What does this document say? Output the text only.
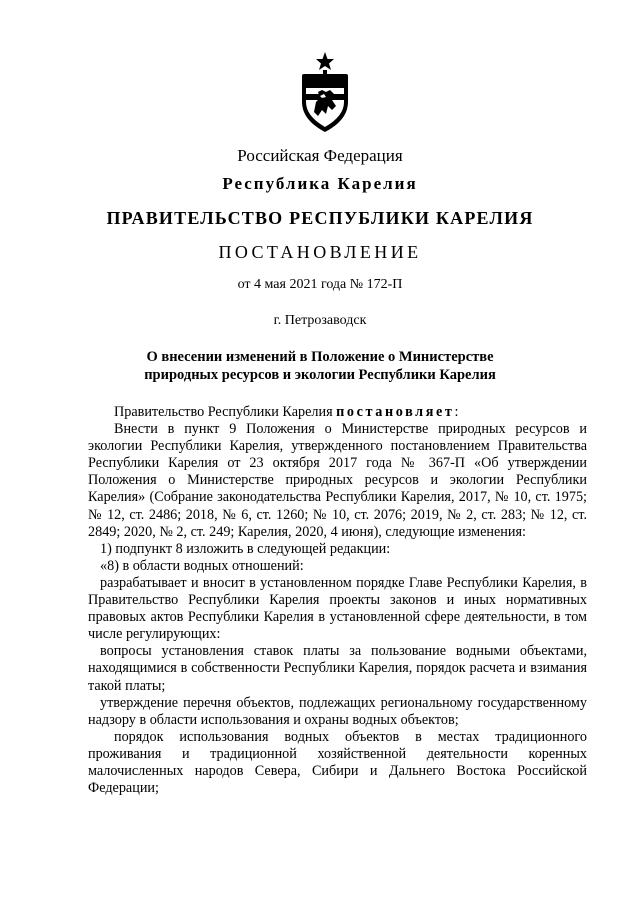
Российская Федерация
Республика Карелия
ПРАВИТЕЛЬСТВО РЕСПУБЛИКИ КАРЕЛИЯ
ПОСТАНОВЛЕНИЕ
от 4 мая 2021 года № 172-П
г. Петрозаводск
О внесении изменений в Положение о Министерстве
природных ресурсов и экологии Республики Карелия

Правительство Республики Карелия постановляет:

Внести в пункт 9 Положения о Министерстве природных ресурсов и экологии Республики Карелия, утвержденного постановлением Правительства Республики Карелия от 23 октября 2017 года № 367-П «Об утверждении Положения о Министерстве природных ресурсов и экологии Республики Карелия» (Собрание законодательства Республики Карелия, 2017, № 10, ст. 1975; № 12, ст. 2486; 2018, № 6, ст. 1260; № 10, ст. 2076; 2019, № 2, ст. 283; № 12, ст. 2849; 2020, № 2, ст. 249; Карелия, 2020, 4 июня), следующие изменения:

1) подпункт 8 изложить в следующей редакции:

«8) в области водных отношений:

разрабатывает и вносит в установленном порядке Главе Республики Карелия, в Правительство Республики Карелия проекты законов и иных нормативных правовых актов Республики Карелия в установленной сфере деятельности, в том числе регулирующих:

вопросы установления ставок платы за пользование водными объектами, находящимися в собственности Республики Карелия, порядок расчета и взимания такой платы;

утверждение перечня объектов, подлежащих региональному государственному надзору в области использования и охраны водных объектов;

порядок использования водных объектов в местах традиционного проживания и традиционной хозяйственной деятельности коренных малочисленных народов Севера, Сибири и Дальнего Востока Российской Федерации;
